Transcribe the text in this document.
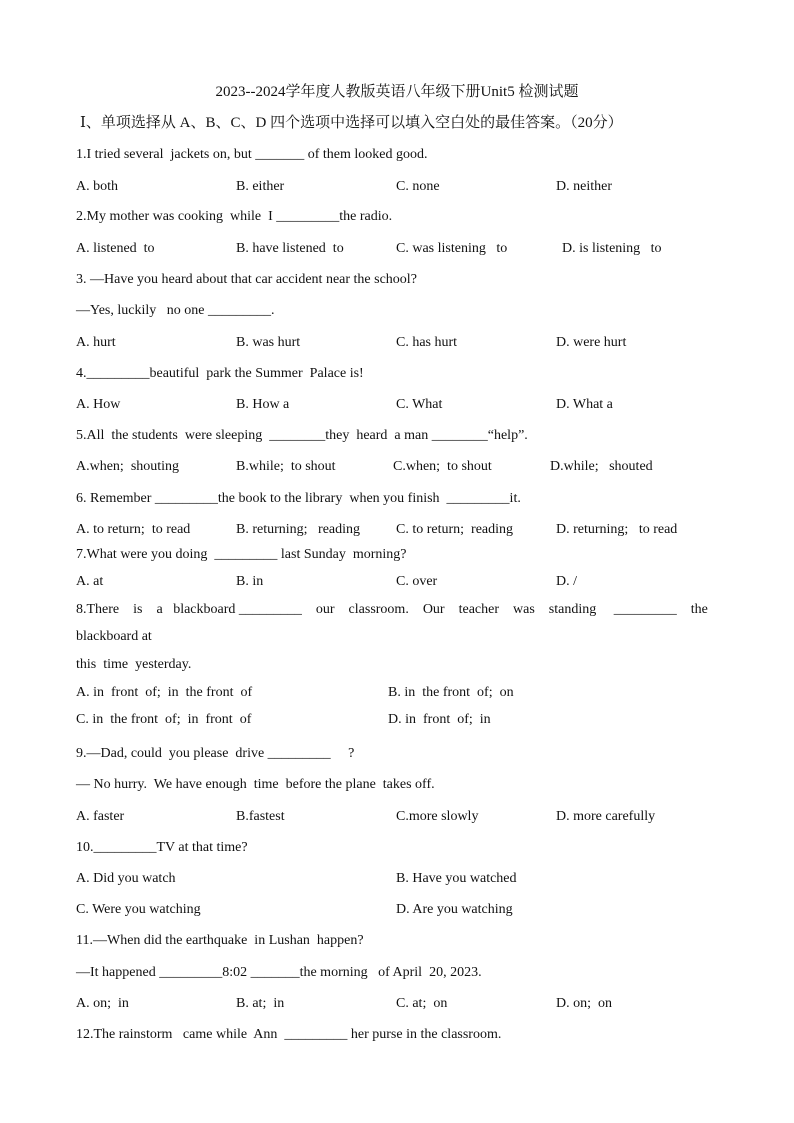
2023--2024学年度人教版英语八年级下册Unit5 检测试题
Ⅰ、单项选择从 A、B、C、D 四个选项中选择可以填入空白处的最佳答案。（20分）
1.I tried several  jackets on, but _______ of them looked good.
A. both	B. either	C. none	D. neither
2.My mother was cooking  while  I _________the radio.
A. listened  to	B. have listened  to	C. was listening   to	D. is listening   to
3. —Have you heard about that car accident near the school?
—Yes, luckily   no one _________.
A. hurt	B. was hurt	C. has hurt	D. were hurt
4._________beautiful  park the Summer  Palace is!
A. How	B. How a	C. What	D. What a
5.All  the students  were sleeping  ________they  heard  a man ________“help”.
A.when;  shouting	B.while;  to shout	C.when;  to shout	D.while;   shouted
6. Remember _________the book to the library  when you finish  _________it.
A. to return;  to read	B. returning;   reading	C. to return;  reading	D. returning;   to read
7.What were you doing  _________ last Sunday  morning?
A. at	B. in	C. over	D. /
8.There    is    a   blackboard _________    our    classroom.    Our    teacher    was    standing     _________    the
blackboard at
this  time  yesterday.
A. in  front  of;  in  the front  of	B. in  the front  of;  on
C. in  the front  of;  in  front  of	D. in  front  of;  in
9.—Dad, could  you please  drive _________     ?
— No hurry.  We have enough  time  before the plane  takes off.
A. faster	B.fastest	C.more slowly	D. more carefully
10._________TV at that time?
A. Did you watch	B. Have you watched
C. Were you watching	D. Are you watching
11.—When did the earthquake  in Lushan  happen?
—It happened _________8:02 _______the morning   of April  20, 2023.
A. on;  in	B. at;  in	C. at;  on	D. on;  on
12.The rainstorm   came while  Ann  _________ her purse in the classroom.
